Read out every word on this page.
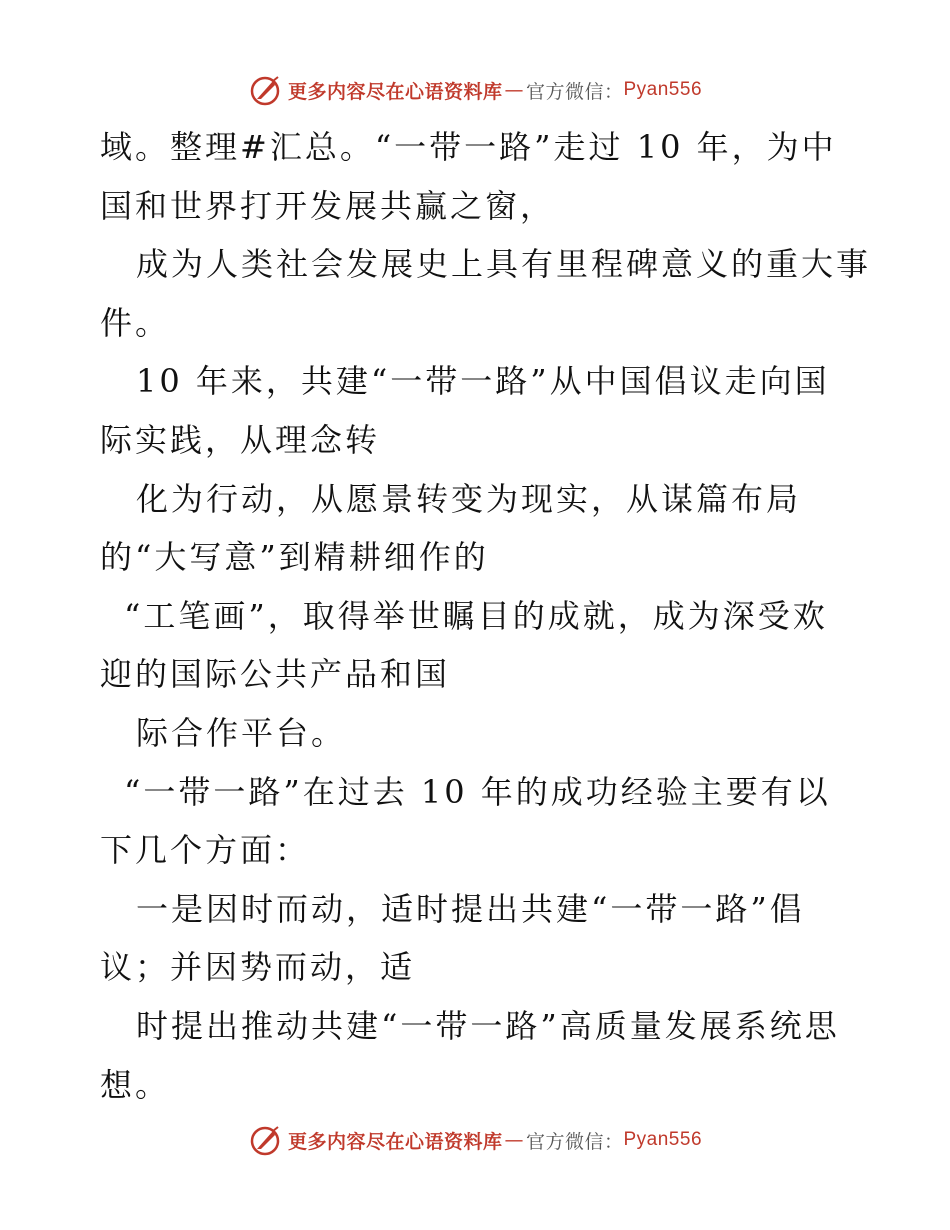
更多内容尽在心语资料库 — 官方微信： Pyan556
域。整理#汇总。“一带一路”走过 10 年，为中
国和世界打开发展共赢之窗，
成为人类社会发展史上具有里程碑意义的重大事
件。
10 年来，共建“一带一路”从中国倡议走向国
际实践，从理念转
化为行动，从愿景转变为现实，从谋篇布局
的“大写意”到精耕细作的
“工笔画”，取得举世瞩目的成就，成为深受欢
迎的国际公共产品和国
际合作平台。
“一带一路”在过去 10 年的成功经验主要有以
下几个方面：
一是因时而动，适时提出共建“一带一路”倡
议；并因势而动，适
时提出推动共建“一带一路”高质量发展系统思
想。
更多内容尽在心语资料库 — 官方微信： Pyan556
